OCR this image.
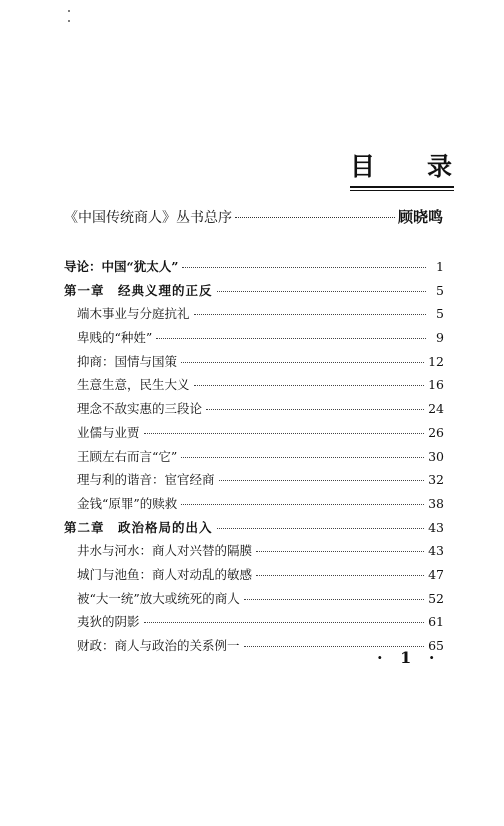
目 录
《中国传统商人》丛书总序	顾晓鸣
导论：中国“犹太人”	1
第一章　经典义理的正反	5
端木事业与分庭抗礼	5
卑贱的“种姓”	9
抑商：国情与国策	12
生意生意，民生大义	16
理念不敌实惠的三段论	24
业儒与业贾	26
王顾左右而言“它”	30
理与利的谐音：宦官经商	32
金钱“原罪”的赎救	38
第二章　政治格局的出入	43
井水与河水：商人对兴替的隔膜	43
城门与池鱼：商人对动乱的敏感	47
被“大一统”放大或统死的商人	52
夷狄的阴影	61
财政：商人与政治的关系例一	65
· 1 ·
